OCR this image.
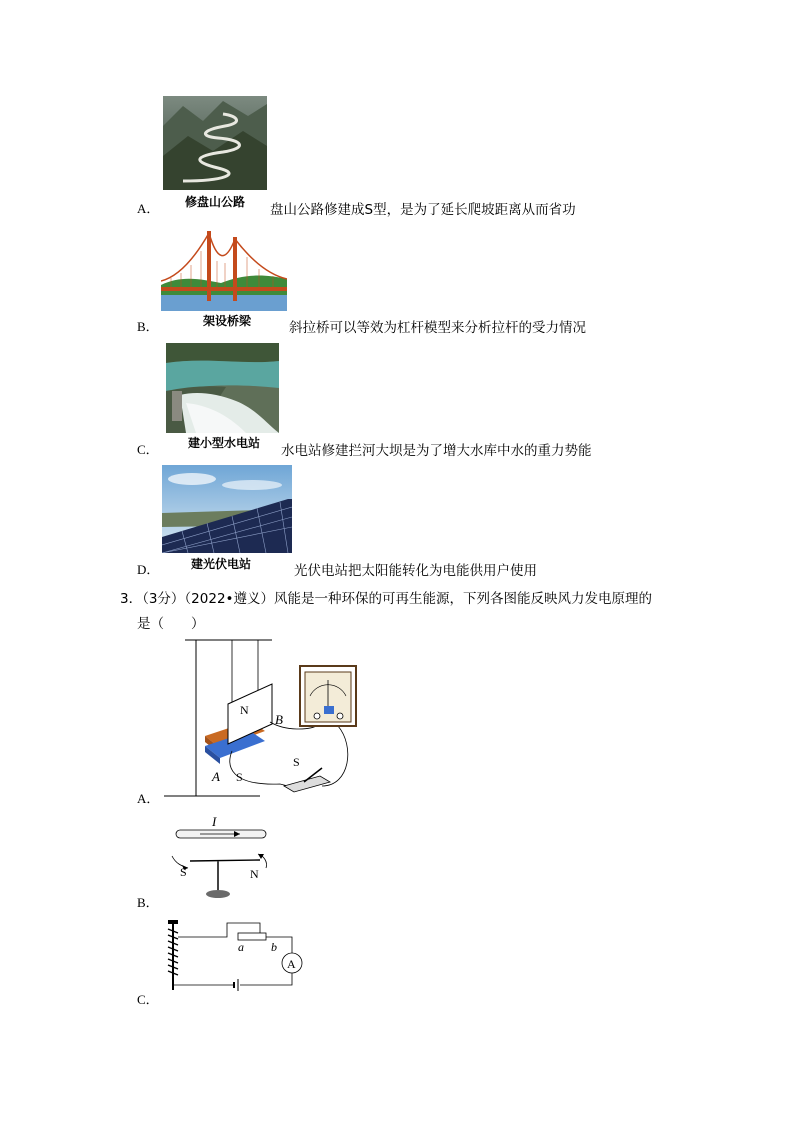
A． 修盘山公路 盘山公路修建成S型，是为了延长爬坡距离从而省功
B．	架设桥梁	斜拉桥可以等效为杠杆模型来分析拉杆的受力情况
C． 建小型水电站 水电站修建拦河大坝是为了增大水库中水的重力势能
D．	建光伏电站	光伏电站把太阳能转化为电能供用户使用
3．（3分）（2022•遵义）风能是一种环保的可再生能源，下列各图能反映风力发电原理的
是（　　）
N
B
A S
S
A．
I
S	N
B．
a b
A
C．
